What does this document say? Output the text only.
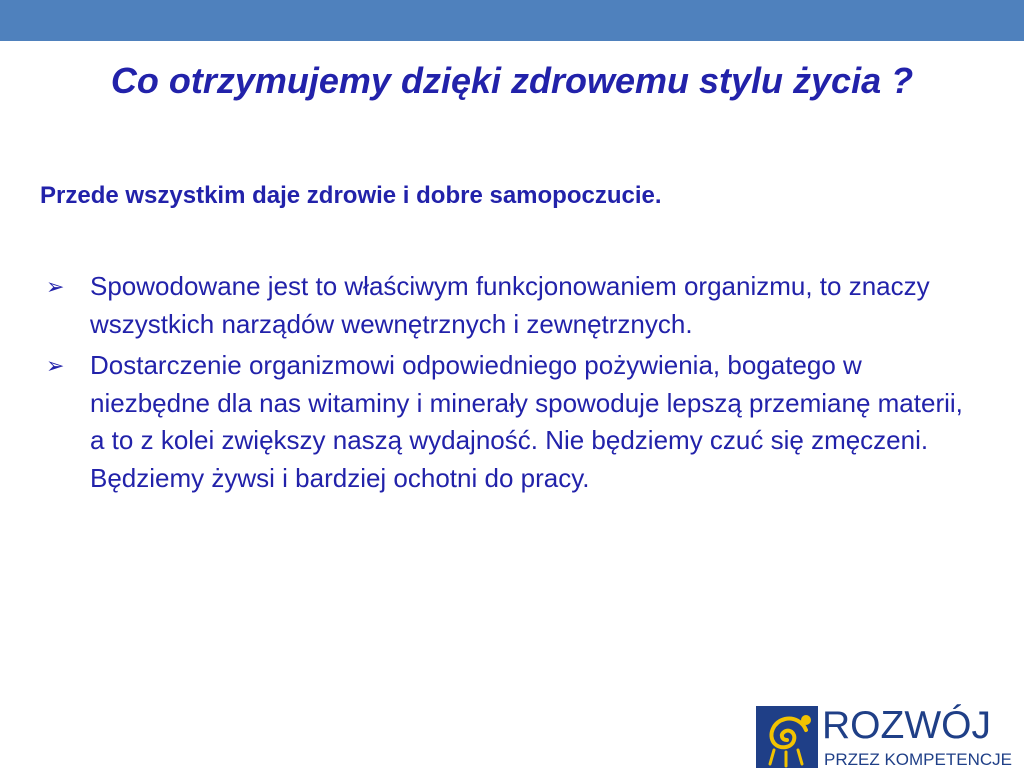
Co otrzymujemy dzięki zdrowemu stylu życia ?
Przede wszystkim daje zdrowie i dobre samopoczucie.
➢ Spowodowane jest to właściwym funkcjonowaniem organizmu, to znaczy wszystkich narządów wewnętrznych i zewnętrznych.
➢ Dostarczenie organizmowi odpowiedniego pożywienia, bogatego w niezbędne dla nas witaminy i minerały spowoduje lepszą przemianę materii, a to z kolei zwiększy naszą wydajność. Nie będziemy czuć się zmęczeni. Będziemy żywsi i bardziej ochotni do pracy.
ROZWÓJ
PRZEZ KOMPETENCJE
